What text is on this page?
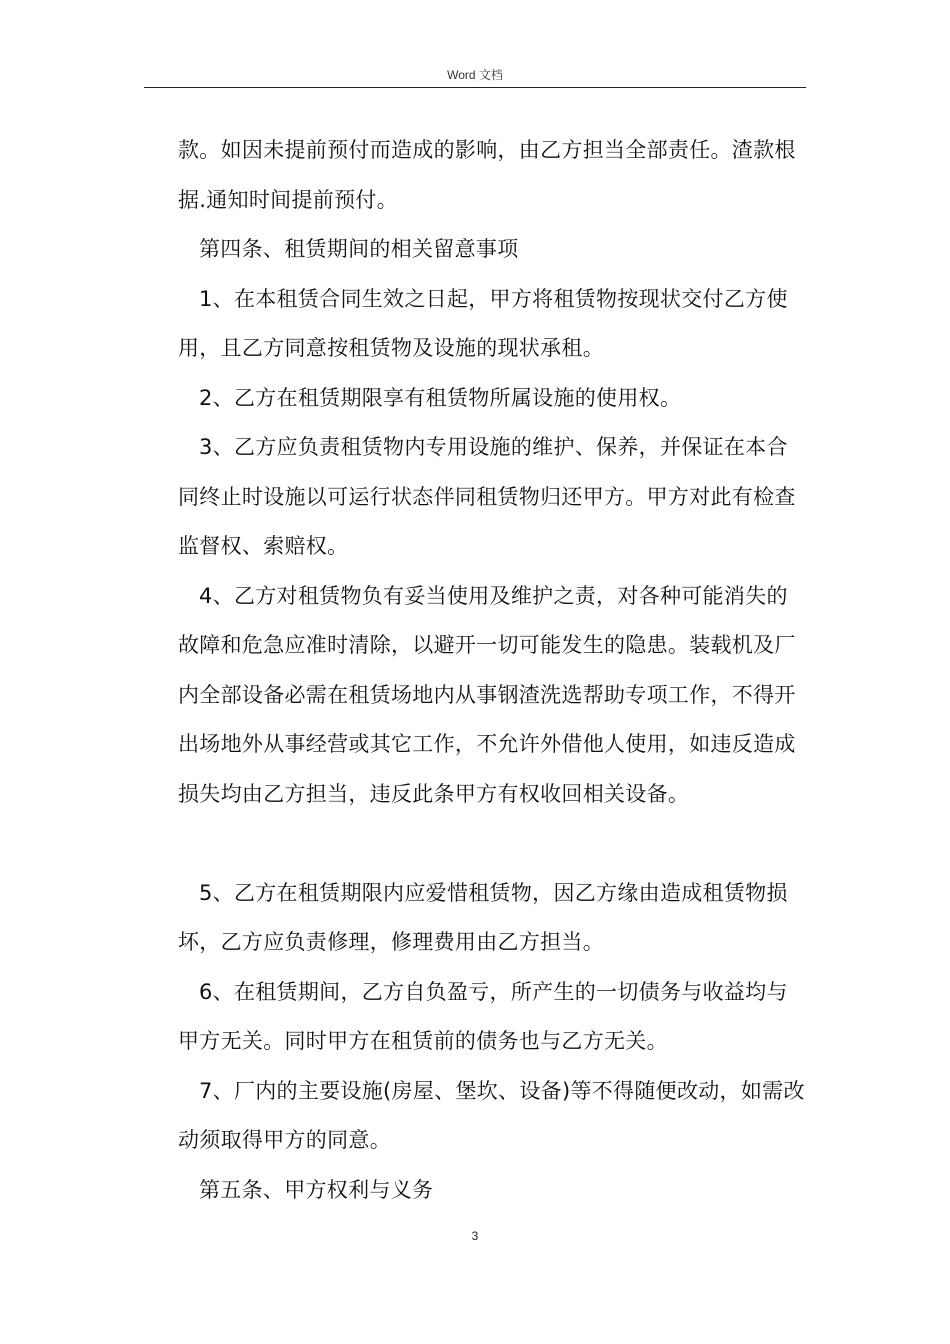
Word 文档

款。如因未提前预付而造成的影响，由乙方担当全部责任。渣款根据.通知时间提前预付。

第四条、租赁期间的相关留意事项

1、在本租赁合同生效之日起，甲方将租赁物按现状交付乙方使用，且乙方同意按租赁物及设施的现状承租。

2、乙方在租赁期限享有租赁物所属设施的使用权。

3、乙方应负责租赁物内专用设施的维护、保养，并保证在本合同终止时设施以可运行状态伴同租赁物归还甲方。甲方对此有检查监督权、索赔权。

4、乙方对租赁物负有妥当使用及维护之责，对各种可能消失的故障和危急应准时清除，以避开一切可能发生的隐患。装载机及厂内全部设备必需在租赁场地内从事钢渣洗选帮助专项工作，不得开出场地外从事经营或其它工作，不允许外借他人使用，如违反造成损失均由乙方担当，违反此条甲方有权收回相关设备。

5、乙方在租赁期限内应爱惜租赁物，因乙方缘由造成租赁物损坏，乙方应负责修理，修理费用由乙方担当。

6、在租赁期间，乙方自负盈亏，所产生的一切债务与收益均与甲方无关。同时甲方在租赁前的债务也与乙方无关。

7、厂内的主要设施(房屋、堡坎、设备)等不得随便改动，如需改动须取得甲方的同意。

第五条、甲方权利与义务

3
